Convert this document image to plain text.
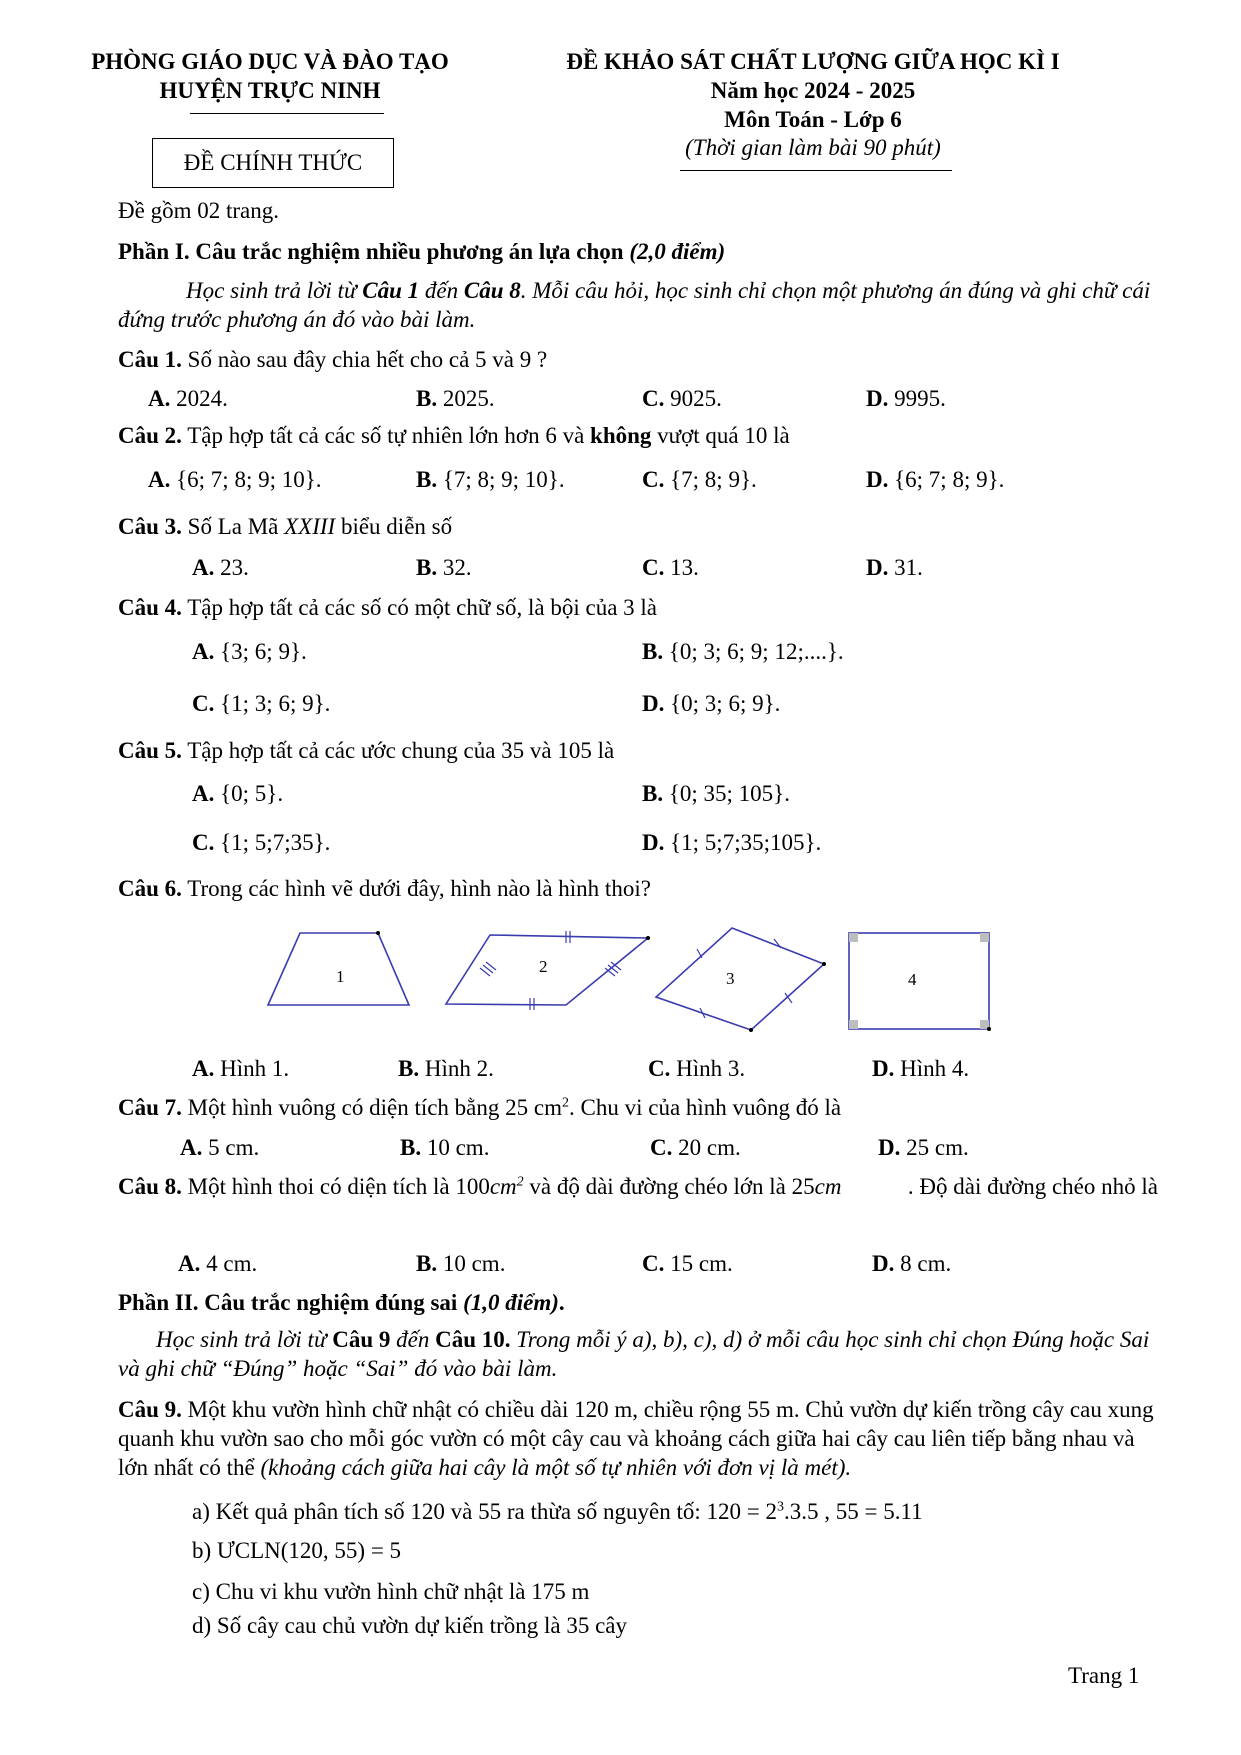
PHÒNG GIÁO DỤC VÀ ĐÀO TẠO
HUYỆN TRỰC NINH
ĐỀ CHÍNH THỨC
ĐỀ KHẢO SÁT CHẤT LƯỢNG GIỮA HỌC KÌ I
Năm học 2024 - 2025
Môn Toán - Lớp 6
(Thời gian làm bài 90 phút)
Đề gồm 02 trang.
Phần I. Câu trắc nghiệm nhiều phương án lựa chọn (2,0 điểm)
Học sinh trả lời từ Câu 1 đến Câu 8. Mỗi câu hỏi, học sinh chỉ chọn một phương án đúng và ghi chữ cái đứng trước phương án đó vào bài làm.
Câu 1. Số nào sau đây chia hết cho cả 5 và 9 ?
A. 2024.	B. 2025.	C. 9025.	D. 9995.
Câu 2. Tập hợp tất cả các số tự nhiên lớn hơn 6 và không vượt quá 10 là
A. {6; 7; 8; 9; 10}.	B. {7; 8; 9; 10}.	C. {7; 8; 9}.	D. {6; 7; 8; 9}.
Câu 3. Số La Mã XXIII biểu diễn số
A. 23.	B. 32.	C. 13.	D. 31.
Câu 4. Tập hợp tất cả các số có một chữ số, là bội của 3 là
A. {3; 6; 9}.	B. {0; 3; 6; 9; 12;....}.
C. {1; 3; 6; 9}.	D. {0; 3; 6; 9}.
Câu 5. Tập hợp tất cả các ước chung của 35 và 105 là
A. {0; 5}.	B. {0; 35; 105}.
C. {1; 5;7;35}.	D. {1; 5;7;35;105}.
Câu 6. Trong các hình vẽ dưới đây, hình nào là hình thoi?
1
2
3	4
A. Hình 1.	B. Hình 2.	C. Hình 3.	D. Hình 4.
Câu 7. Một hình vuông có diện tích bằng 25 $cm^2$. Chu vi của hình vuông đó là
A. 5 cm.	B. 10 cm.	C. 20 cm.	D. 25 cm.
Câu 8. Một hình thoi có diện tích là $100cm^2$ và độ dài đường chéo lớn là 25cm	. Độ dài đường chéo nhỏ là
A. 4 cm.	B. 10 cm.	C. 15 cm.	D. 8 cm.
Phần II. Câu trắc nghiệm đúng sai (1,0 điểm).
Học sinh trả lời từ Câu 9 đến Câu 10. Trong mỗi ý a), b), c), d) ở mỗi câu học sinh chỉ chọn Đúng hoặc Sai và ghi chữ “Đúng” hoặc “Sai” đó vào bài làm.
Câu 9. Một khu vườn hình chữ nhật có chiều dài 120 m, chiều rộng 55 m. Chủ vườn dự kiến trồng cây cau xung quanh khu vườn sao cho mỗi góc vườn có một cây cau và khoảng cách giữa hai cây cau liên tiếp bằng nhau và lớn nhất có thể (khoảng cách giữa hai cây là một số tự nhiên với đơn vị là mét).
a) Kết quả phân tích số 120 và 55 ra thừa số nguyên tố: $120 = 2^3.3.5$ , 55 = 5.11
b) ƯCLN(120, 55) = 5
c) Chu vi khu vườn hình chữ nhật là 175 m
d) Số cây cau chủ vườn dự kiến trồng là 35 cây
Trang 1
